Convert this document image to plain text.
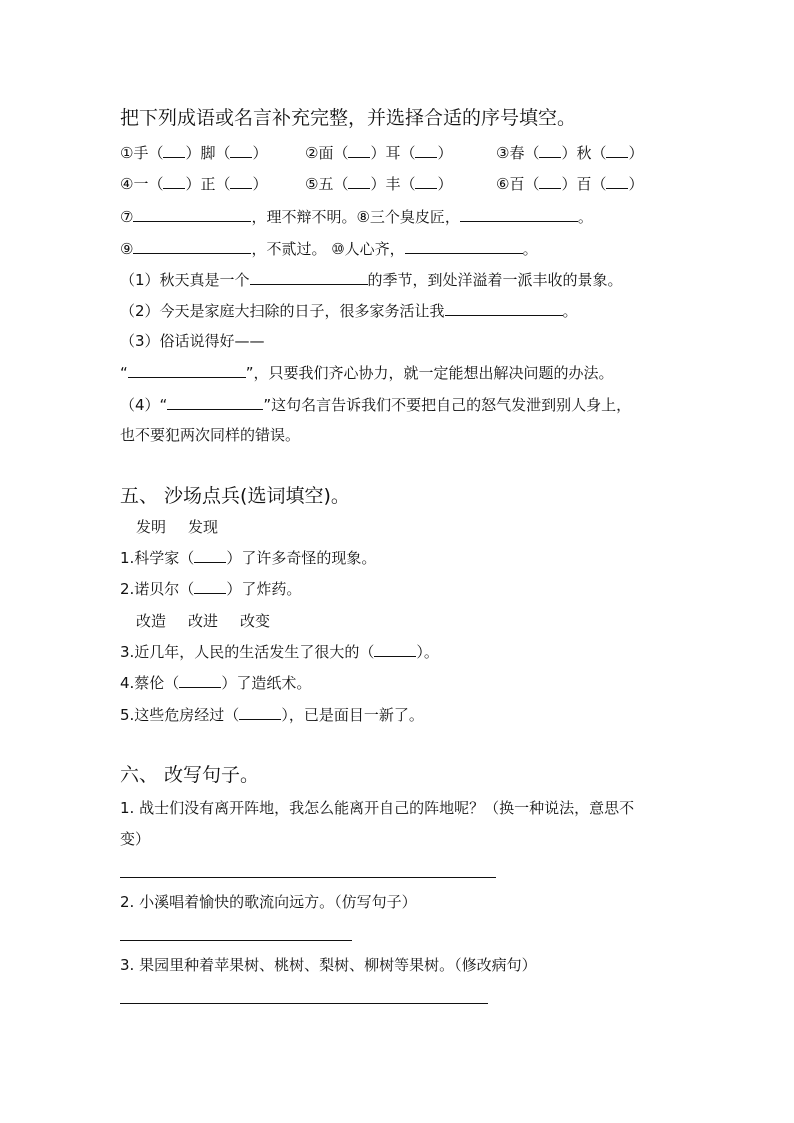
把下列成语或名言补充完整，并选择合适的序号填空。
①手（ ）脚（ ）	②面（ ）耳（ ）	③春（ ）秋（ ）
④一（ ）正（ ）	⑤五（ ）丰（ ）	⑥百（ ）百（ ）
⑦	，理不辩不明。⑧三个臭皮匠，	。
⑨	，不贰过。 ⑩人心齐，	。
（1）秋天真是一个	的季节，到处洋溢着一派丰收的景象。
（2）今天是家庭大扫除的日子，很多家务活让我	。
（3）俗话说得好——
“	”，只要我们齐心协力，就一定能想出解决问题的办法。
（4）“	”这句名言告诉我们不要把自己的怒气发泄到别人身上，
也不要犯两次同样的错误。
五、 沙场点兵(选词填空)。
发明 发现
1.科学家（ ）了许多奇怪的现象。
2.诺贝尔（ ）了炸药。
改造 改进 改变
3.近几年，人民的生活发生了很大的（	）。
4.蔡伦（	）了造纸术。
5.这些危房经过（	），已是面目一新了。
六、 改写句子。
1. 战士们没有离开阵地，我怎么能离开自己的阵地呢？（换一种说法，意思不
变）
2. 小溪唱着愉快的歌流向远方。（仿写句子）
3. 果园里种着苹果树、桃树、梨树、柳树等果树。（修改病句）
